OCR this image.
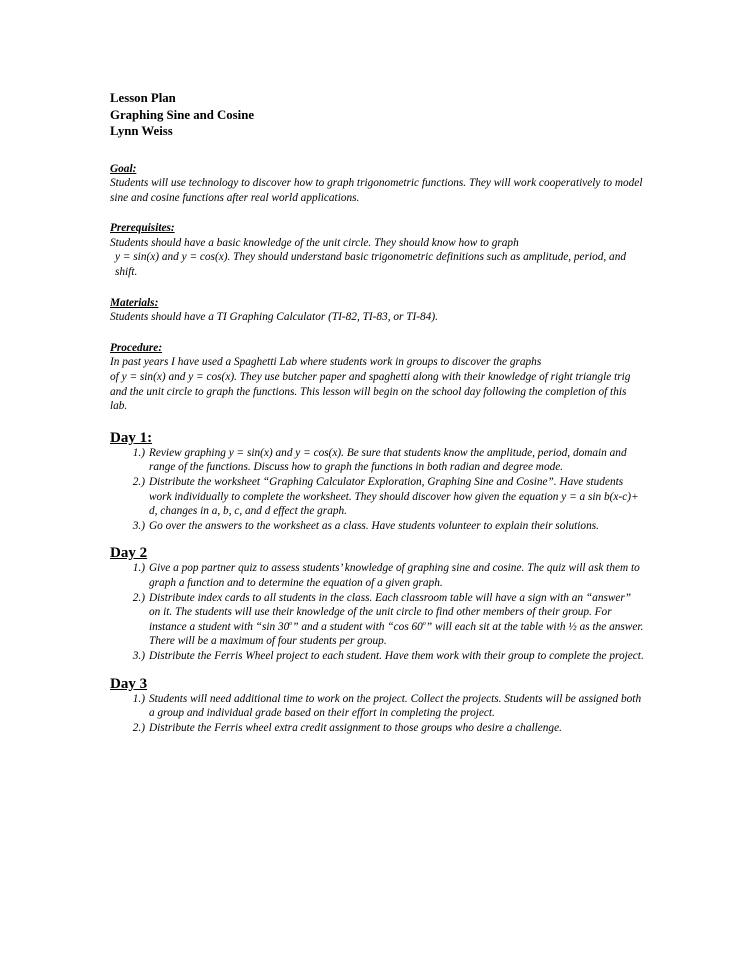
Lesson Plan
Graphing Sine and Cosine
Lynn Weiss
Goal:
Students will use technology to discover how to graph trigonometric functions. They will work cooperatively to model sine and cosine functions after real world applications.
Prerequisites:
Students should have a basic knowledge of the unit circle. They should know how to graph
y = sin(x) and y = cos(x). They should understand basic trigonometric definitions such as amplitude, period, and shift.
Materials:
Students should have a TI Graphing Calculator (TI-82, TI-83, or TI-84).
Procedure:
In past years I have used a Spaghetti Lab where students work in groups to discover the graphs
of y = sin(x) and y = cos(x). They use butcher paper and spaghetti along with their knowledge of right triangle trig and the unit circle to graph the functions. This lesson will begin on the school day following the completion of this lab.
Day 1:
1.) Review graphing y = sin(x) and y = cos(x). Be sure that students know the amplitude, period, domain and range of the functions. Discuss how to graph the functions in both radian and degree mode.
2.) Distribute the worksheet “Graphing Calculator Exploration, Graphing Sine and Cosine”. Have students work individually to complete the worksheet. They should discover how given the equation y = a sin b(x-c)+ d, changes in a, b, c, and d effect the graph.
3.) Go over the answers to the worksheet as a class. Have students volunteer to explain their solutions.
Day 2
1.) Give a pop partner quiz to assess students’ knowledge of graphing sine and cosine. The quiz will ask them to graph a function and to determine the equation of a given graph.
2.) Distribute index cards to all students in the class. Each classroom table will have a sign with an “answer” on it. The students will use their knowledge of the unit circle to find other members of their group. For instance a student with “sin 30$^o$” and a student with “cos 60$^o$” will each sit at the table with ½ as the answer. There will be a maximum of four students per group.
3.) Distribute the Ferris Wheel project to each student. Have them work with their group to complete the project.
Day 3
1.) Students will need additional time to work on the project. Collect the projects. Students will be assigned both a group and individual grade based on their effort in completing the project.
2.) Distribute the Ferris wheel extra credit assignment to those groups who desire a challenge.
